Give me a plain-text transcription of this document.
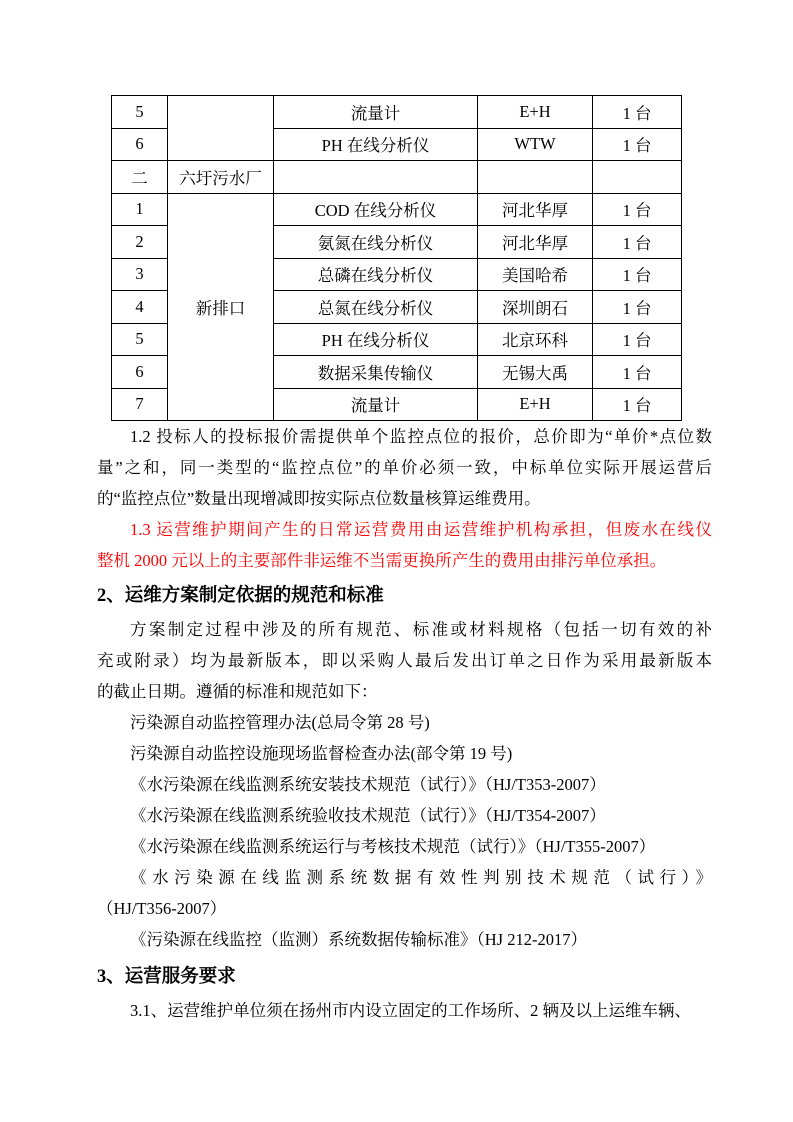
5		流量计	E+H	1 台
6		PH 在线分析仪	WTW	1 台
二	六圩污水厂			
1	新排口	COD 在线分析仪	河北华厚	1 台
2		氨氮在线分析仪	河北华厚	1 台
3		总磷在线分析仪	美国哈希	1 台
4		总氮在线分析仪	深圳朗石	1 台
5		PH 在线分析仪	北京环科	1 台
6		数据采集传输仪	无锡大禹	1 台
7		流量计	E+H	1 台
1.2 投标人的投标报价需提供单个监控点位的报价，总价即为“单价*点位数
量”之和，同一类型的“监控点位”的单价必须一致，中标单位实际开展运营后
的“监控点位”数量出现增减即按实际点位数量核算运维费用。
1.3 运营维护期间产生的日常运营费用由运营维护机构承担，但废水在线仪
整机 2000 元以上的主要部件非运维不当需更换所产生的费用由排污单位承担。
2、运维方案制定依据的规范和标准
方案制定过程中涉及的所有规范、标准或材料规格（包括一切有效的补
充或附录）均为最新版本，即以采购人最后发出订单之日作为采用最新版本
的截止日期。遵循的标准和规范如下：
污染源自动监控管理办法(总局令第 28 号)
污染源自动监控设施现场监督检查办法(部令第 19 号)
《水污染源在线监测系统安装技术规范（试行）》（HJ/T353-2007）
《水污染源在线监测系统验收技术规范（试行）》（HJ/T354-2007）
《水污染源在线监测系统运行与考核技术规范（试行）》（HJ/T355-2007）
《水污染源在线监测系统数据有效性判别技术规范（试行）》
（HJ/T356-2007）
《污染源在线监控（监测）系统数据传输标准》（HJ 212-2017）
3、运营服务要求
3.1、运营维护单位须在扬州市内设立固定的工作场所、2 辆及以上运维车辆、
